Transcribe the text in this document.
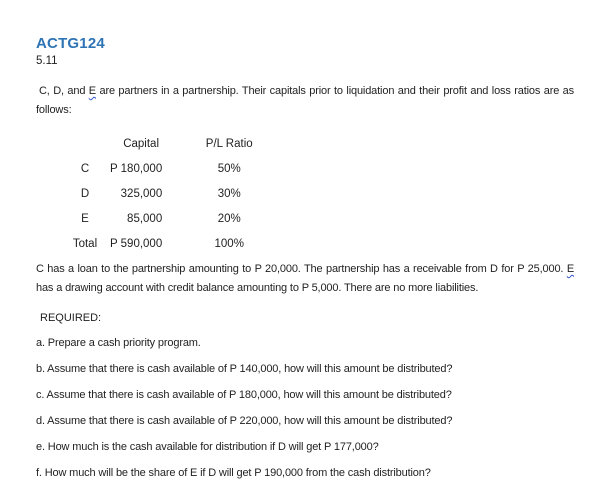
ACTG124
5.11

C, D, and E are partners in a partnership. Their capitals prior to liquidation and their profit and loss ratios are as follows:

	Capital	P/L Ratio
C	P 180,000	50%
D	325,000	30%
E	85,000	20%
Total	P 590,000	100%

C has a loan to the partnership amounting to P 20,000. The partnership has a receivable from D for P 25,000. E has a drawing account with credit balance amounting to P 5,000. There are no more liabilities.

REQUIRED:
a. Prepare a cash priority program.
b. Assume that there is cash available of P 140,000, how will this amount be distributed?
c. Assume that there is cash available of P 180,000, how will this amount be distributed?
d. Assume that there is cash available of P 220,000, how will this amount be distributed?
e. How much is the cash available for distribution if D will get P 177,000?
f. How much will be the share of E if D will get P 190,000 from the cash distribution?
